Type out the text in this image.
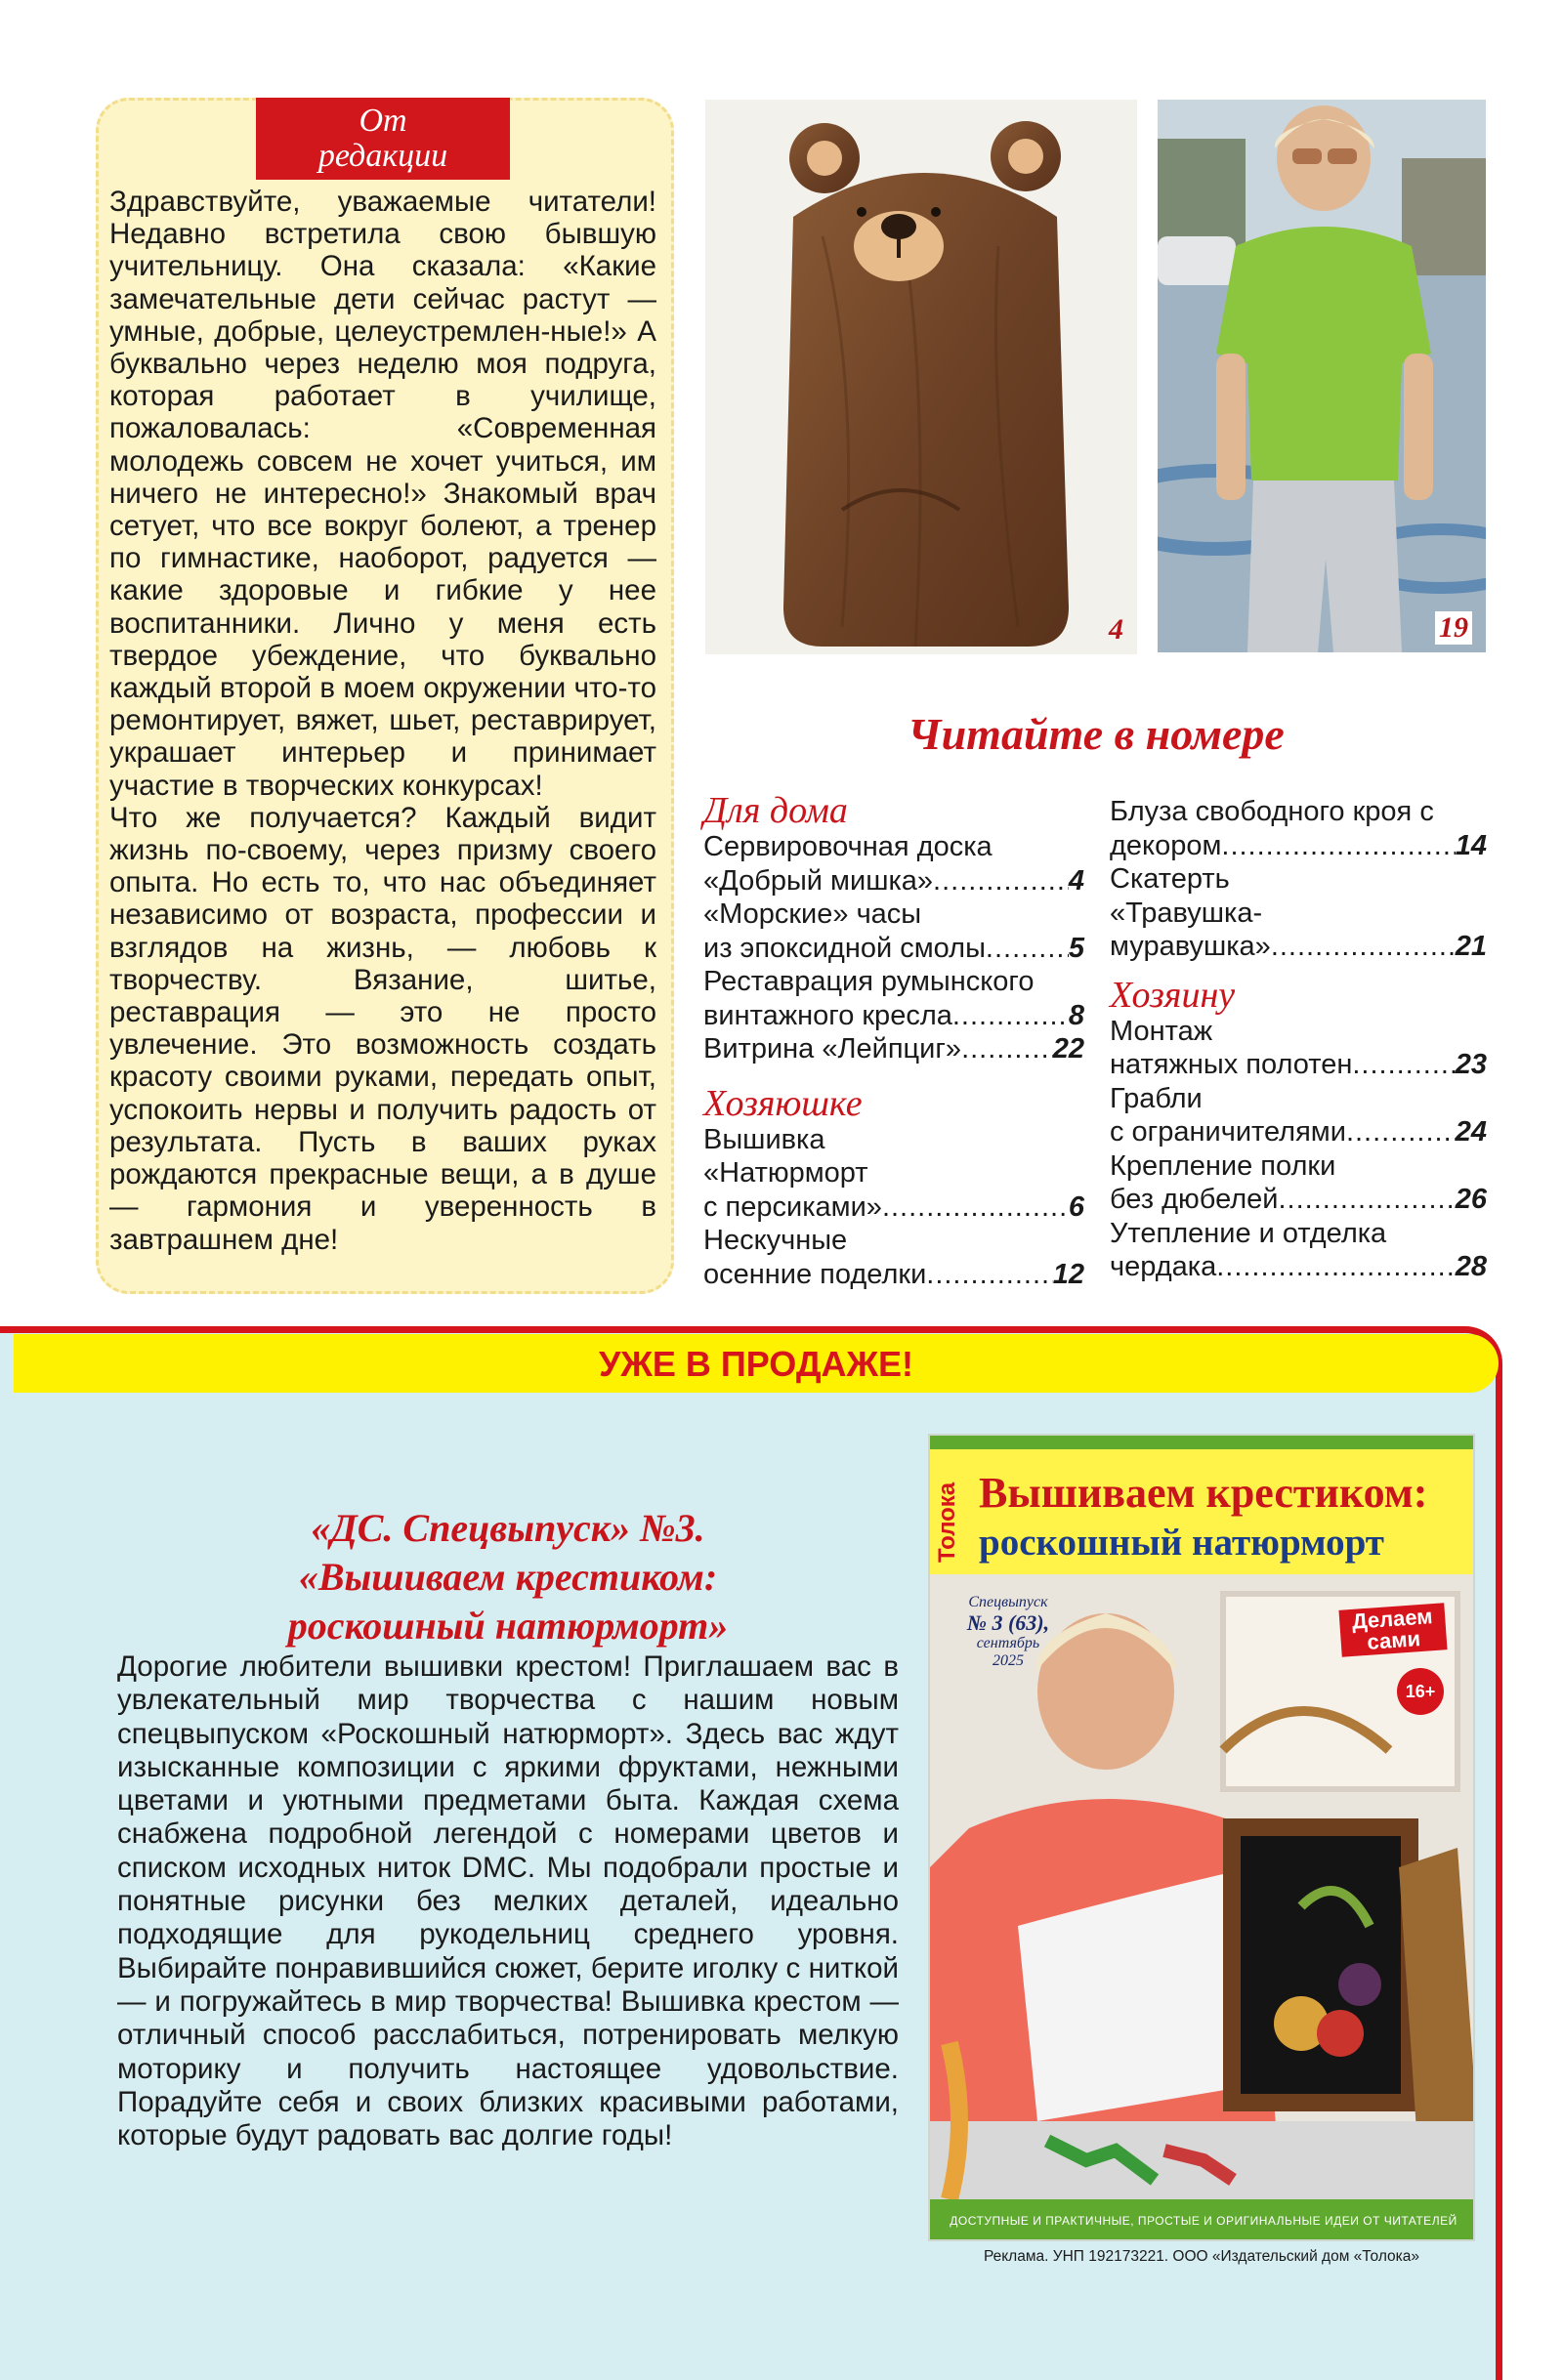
От
редакции

Здравствуйте, уважаемые читатели! Недавно встретила свою бывшую учительницу. Она сказала: «Какие замечательные дети сейчас растут — умные, добрые, целеустремлен-ные!» А буквально через неделю моя подруга, которая работает в училище, пожаловалась: «Современная молодежь совсем не хочет учиться, им ничего не интересно!» Знакомый врач сетует, что все вокруг болеют, а тренер по гимнастике, наоборот, радуется — какие здоровые и гибкие у нее воспитанники. Лично у меня есть твердое убеждение, что буквально каждый второй в моем окружении что-то ремонтирует, вяжет, шьет, реставрирует, украшает интерьер и принимает участие в творческих конкурсах!

Что же получается? Каждый видит жизнь по-своему, через призму своего опыта. Но есть то, что нас объединяет независимо от возраста, профессии и взглядов на жизнь, — любовь к творчеству. Вязание, шитье, реставрация — это не просто увлечение. Это возможность создать красоту своими руками, передать опыт, успокоить нервы и получить радость от результата. Пусть в ваших руках рождаются прекрасные вещи, а в душе — гармония и уверенность в завтрашнем дне!

4	19
Читайте в номере
Для дома
Сервировочная доска
«Добрый мишка» .....	4
«Морские» часы
из эпоксидной смолы .....	5
Реставрация румынского
винтажного кресла .....	8
Витрина «Лейпциг» .....	22
Хозяюшке
Вышивка
«Натюрморт
с персиками» .....	6
Нескучные
осенние поделки .....	12
Блуза свободного кроя с
декором .....	14
Скатерть
«Травушка-
муравушка» .....	21
Хозяину
Монтаж
натяжных полотен .....	23
Грабли
с ограничителями .....	24
Крепление полки
без дюбелей .....	26
Утепление и отделка
чердака .....	28
УЖЕ В ПРОДАЖЕ!
«ДС. Спецвыпуск» №3.
«Вышиваем крестиком:
роскошный натюрморт»
Дорогие любители вышивки крестом! Приглашаем вас в увлекательный мир творчества с нашим новым спецвыпуском «Роскошный натюрморт». Здесь вас ждут изысканные композиции с яркими фруктами, нежными цветами и уютными предметами быта. Каждая схема снабжена подробной легендой с номерами цветов и списком исходных ниток DMC. Мы подобрали простые и понятные рисунки без мелких деталей, идеально подходящие для рукодельниц среднего уровня. Выбирайте понравившийся сюжет, берите иголку с ниткой — и погружайтесь в мир творчества! Вышивка крестом — отличный способ расслабиться, потренировать мелкую моторику и получить настоящее удовольствие. Порадуйте себя и своих близких красивыми работами, которые будут радовать вас долгие годы!
Толока Вышиваем крестиком:
роскошный натюрморт
Спецвыпуск
№ 3 (63),
сентябрь
2025
Делаем
сами
16+
ДОСТУПНЫЕ И ПРАКТИЧНЫЕ, ПРОСТЫЕ И ОРИГИНАЛЬНЫЕ ИДЕИ ОТ ЧИТАТЕЛЕЙ
Реклама. УНП 192173221. ООО «Издательский дом «Толока»
